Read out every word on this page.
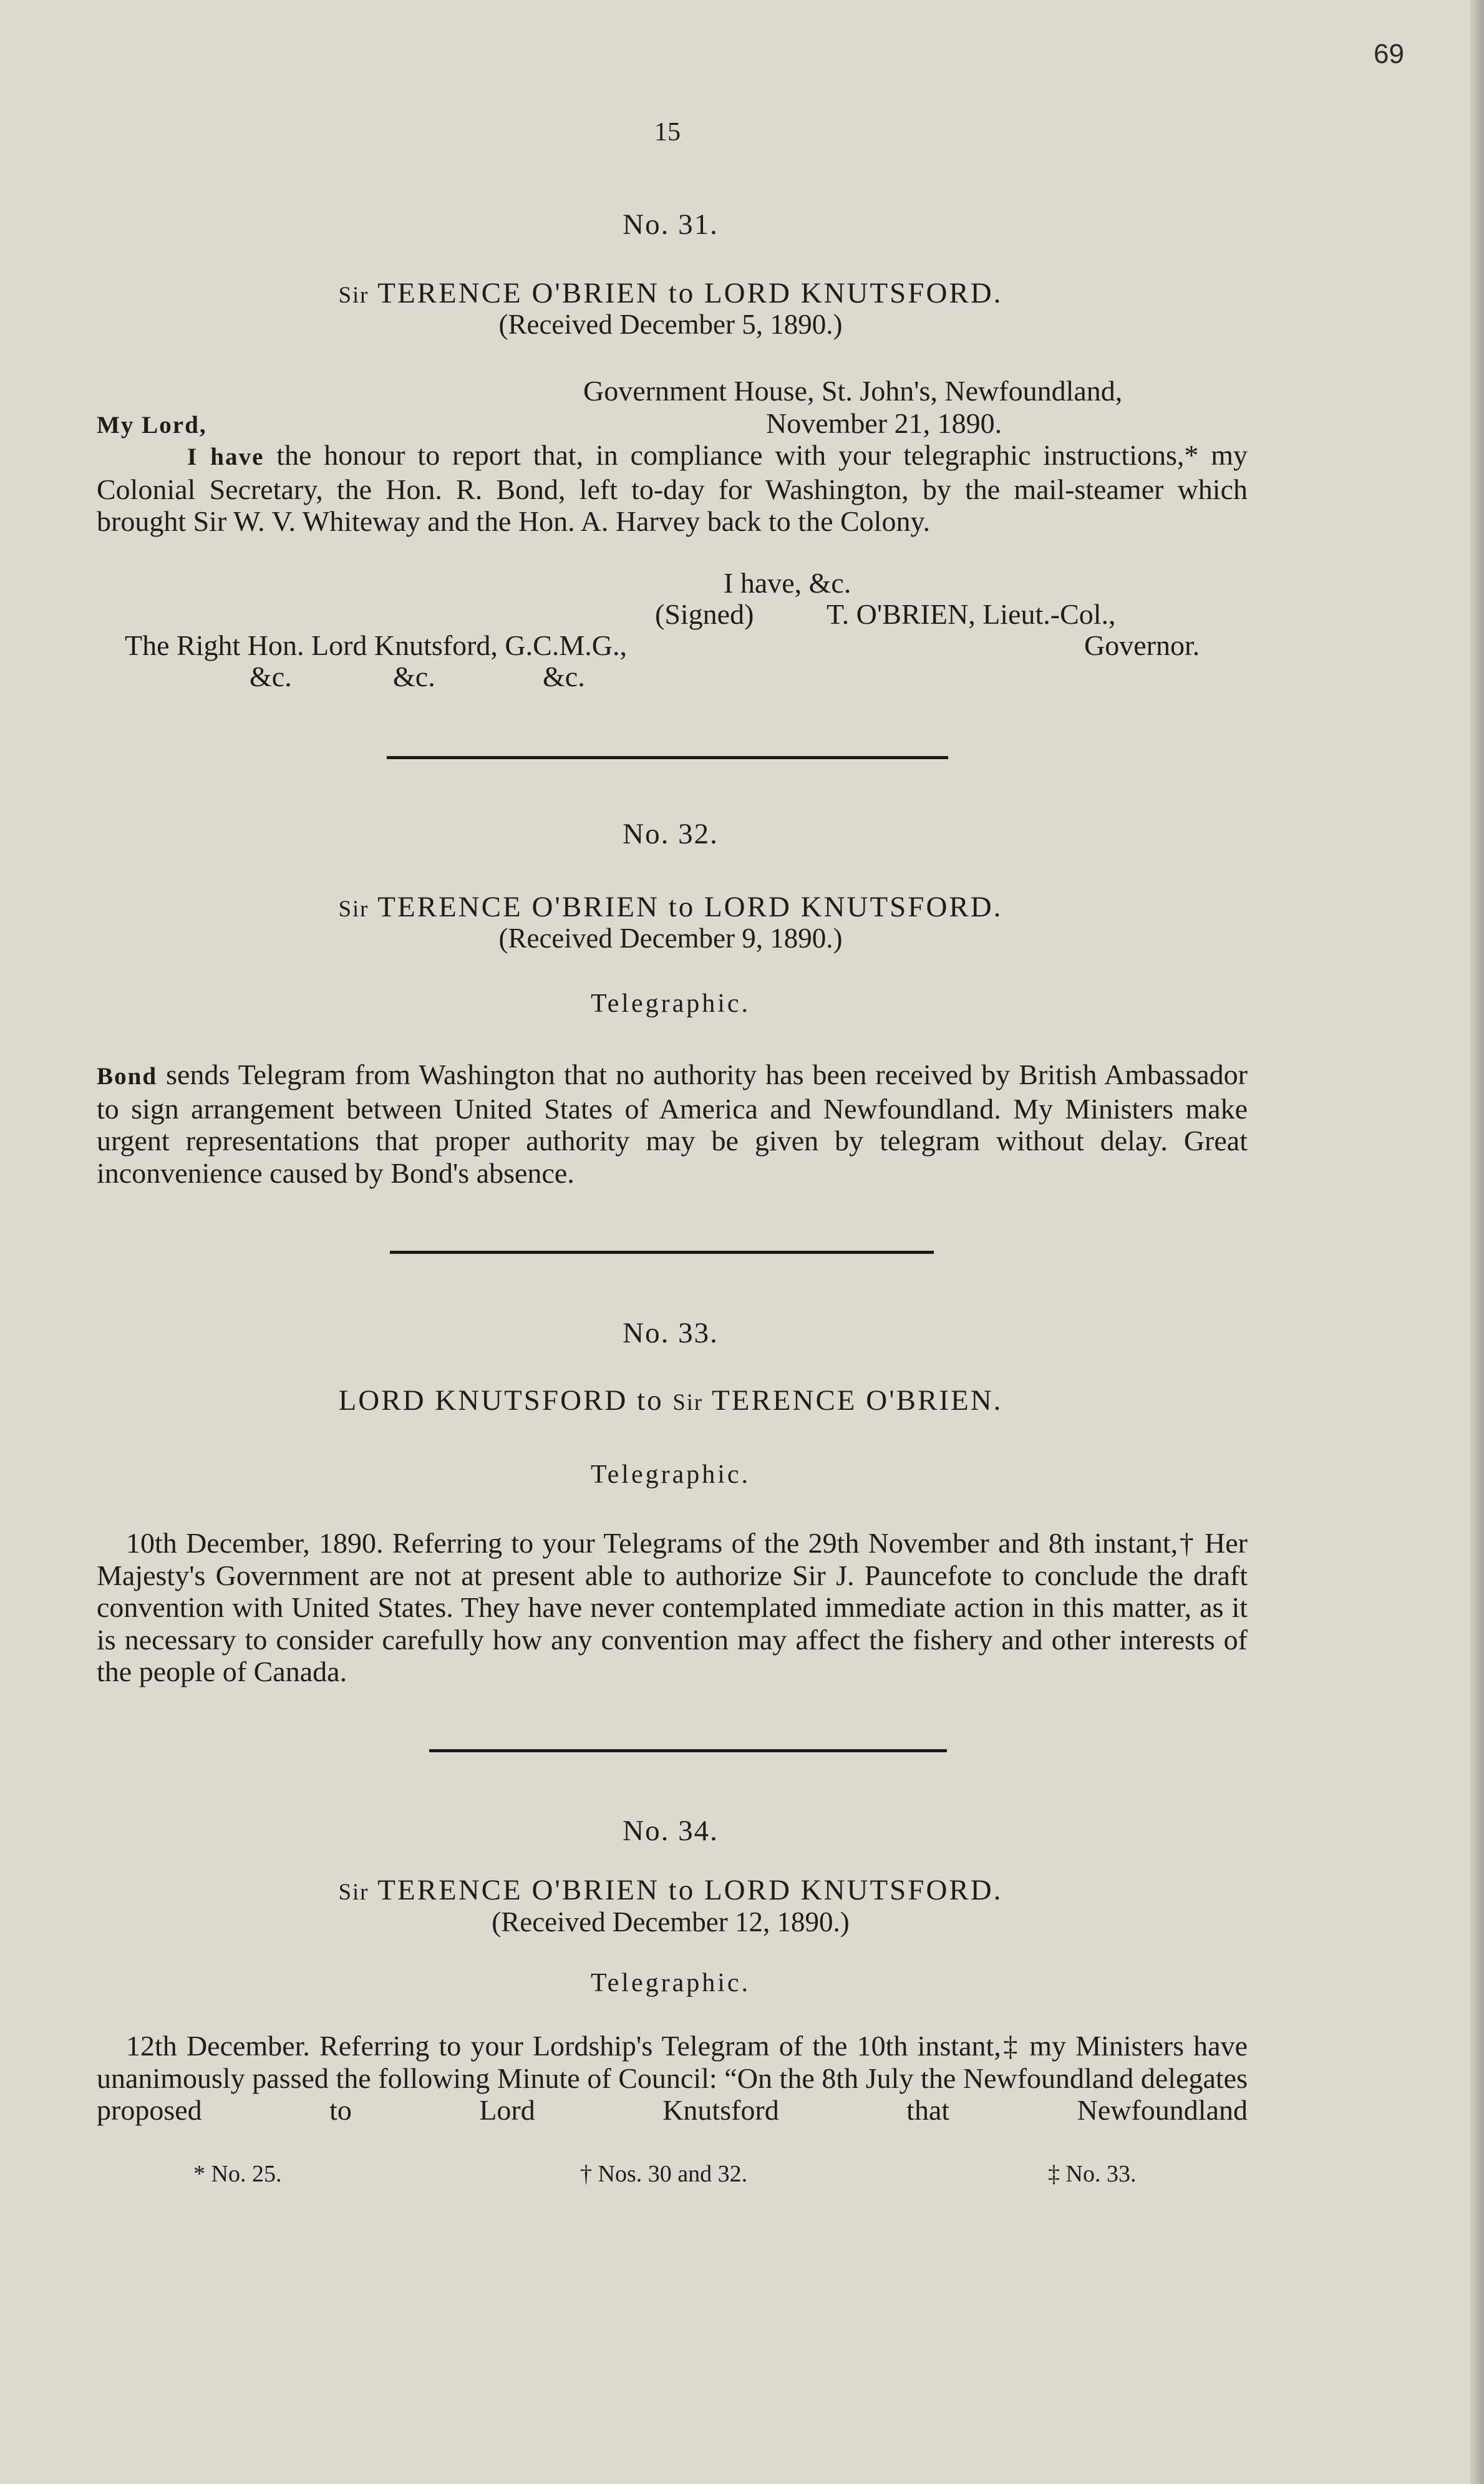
69
15
No. 31.
Sir TERENCE O'BRIEN to LORD KNUTSFORD.
(Received December 5, 1890.)
Government House, St. John's, Newfoundland,
My Lord,	November 21, 1890.

I have the honour to report that, in compliance with your telegraphic instructions,* my Colonial Secretary, the Hon. R. Bond, left to-day for Washington, by the mail-steamer which brought Sir W. V. Whiteway and the Hon. A. Harvey back to the Colony.

I have, &c.
(Signed)	T. O'BRIEN, Lieut.-Col.,
The Right Hon. Lord Knutsford, G.C.M.G.,	Governor.
&c.	&c.	&c.
No. 32.
Sir TERENCE O'BRIEN to LORD KNUTSFORD.
(Received December 9, 1890.)
Telegraphic.

Bond sends Telegram from Washington that no authority has been received by British Ambassador to sign arrangement between United States of America and Newfoundland. My Ministers make urgent representations that proper authority may be given by telegram without delay. Great inconvenience caused by Bond's absence.

No. 33.
LORD KNUTSFORD to Sir TERENCE O'BRIEN.
Telegraphic.

10th December, 1890. Referring to your Telegrams of the 29th November and 8th instant,† Her Majesty's Government are not at present able to authorize Sir J. Pauncefote to conclude the draft convention with United States. They have never contemplated immediate action in this matter, as it is necessary to consider carefully how any convention may affect the fishery and other interests of the people of Canada.

No. 34.
Sir TERENCE O'BRIEN to LORD KNUTSFORD.
(Received December 12, 1890.)
Telegraphic.

12th December. Referring to your Lordship's Telegram of the 10th instant,‡ my Ministers have unanimously passed the following Minute of Council: “On the 8th July the Newfoundland delegates proposed to Lord Knutsford that Newfoundland

* No. 25.	† Nos. 30 and 32.	‡ No. 33.
